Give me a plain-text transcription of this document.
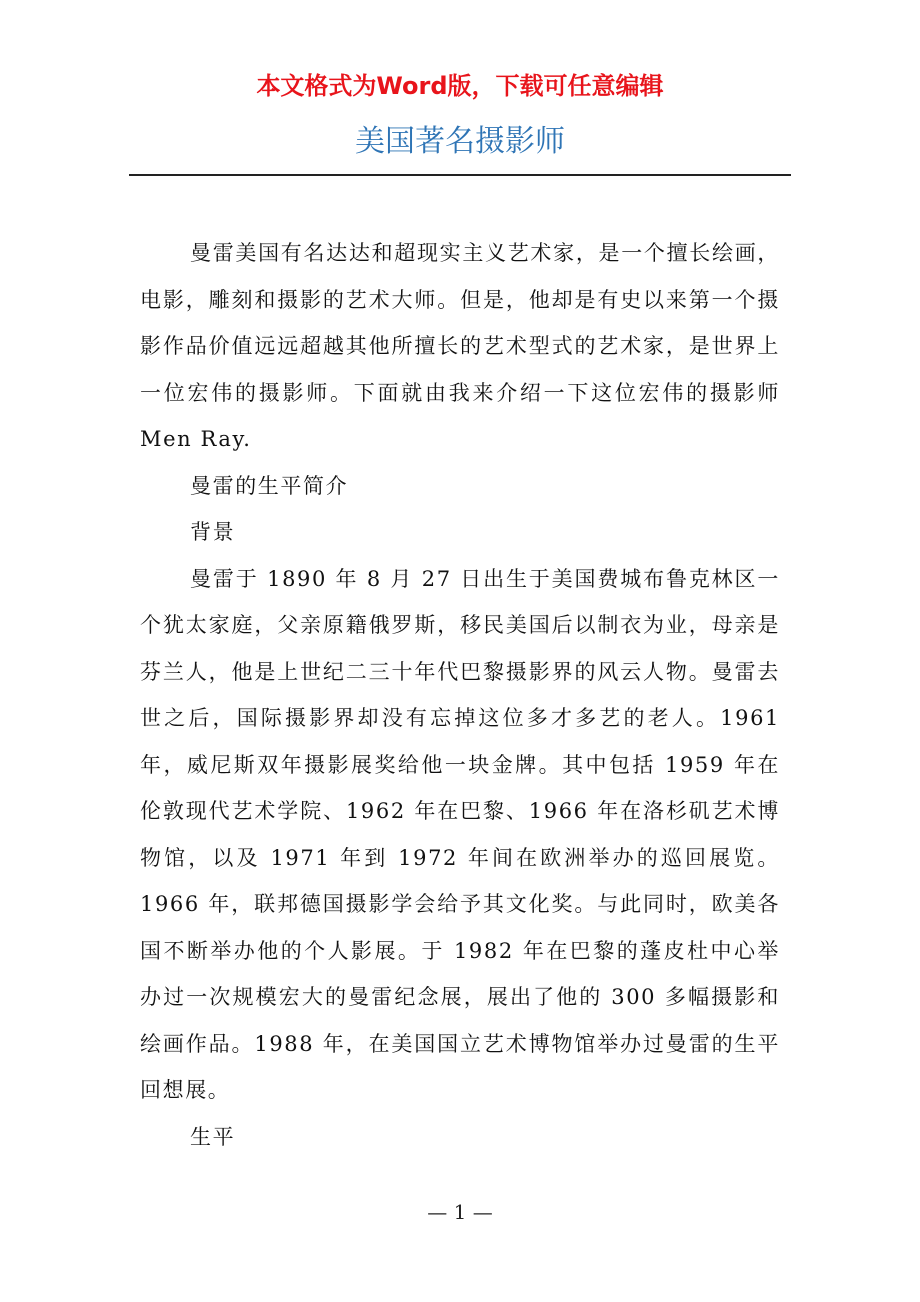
本文格式为Word版，下载可任意编辑
美国著名摄影师

曼雷美国有名达达和超现实主义艺术家，是一个擅长绘画，电影，雕刻和摄影的艺术大师。但是，他却是有史以来第一个摄影作品价值远远超越其他所擅长的艺术型式的艺术家，是世界上一位宏伟的摄影师。下面就由我来介绍一下这位宏伟的摄影师 Men Ray.

曼雷的生平简介

背景

曼雷于 1890 年 8 月 27 日出生于美国费城布鲁克林区一个犹太家庭，父亲原籍俄罗斯，移民美国后以制衣为业，母亲是 芬兰人，他是上世纪二三十年代巴黎摄影界的风云人物。曼雷去世之后，国际摄影界却没有忘掉这位多才多艺的老人。1961 年，威尼斯双年摄影展奖给他一块金牌。其中包括 1959 年在伦敦现代艺术学院、1962 年在巴黎、1966 年在洛杉矶艺术博物馆，以及 1971 年到 1972 年间在欧洲举办的巡回展览。1966 年，联邦德国摄影学会给予其文化奖。与此同时，欧美各国不断举办他的个人影展。于 1982 年在巴黎的蓬皮杜中心举办过一次规模宏大的曼雷纪念展，展出了他的 300 多幅摄影和绘画作品。1988 年，在美国国立艺术博物馆举办过曼雷的生平回想展。

生平

— 1 —
